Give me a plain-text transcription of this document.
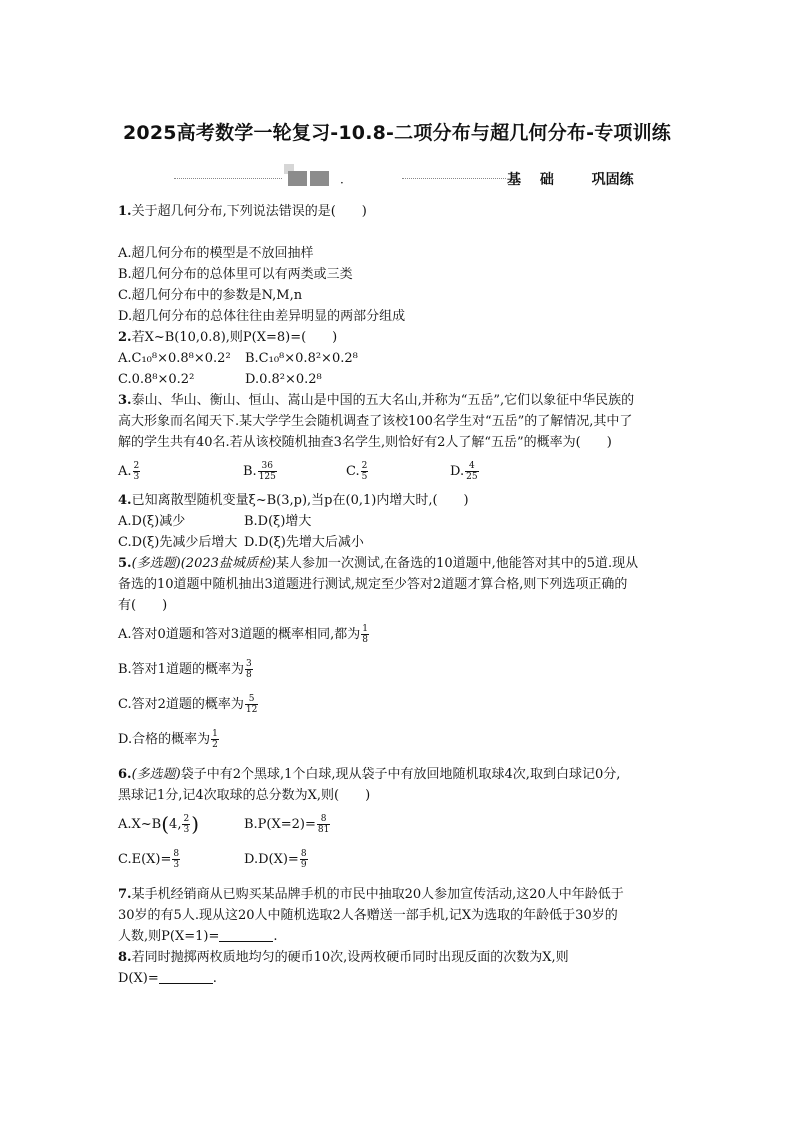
2025高考数学一轮复习-10.8-二项分布与超几何分布-专项训练
·	基 础  巩固练
1.关于超几何分布,下列说法错误的是(　　)
A.超几何分布的模型是不放回抽样
B.超几何分布的总体里可以有两类或三类
C.超几何分布中的参数是N,M,n
D.超几何分布的总体往往由差异明显的两部分组成
2.若X~B(10,0.8),则P(X=8)=(　　)
A.C₁₀⁸×0.8⁸×0.2² B.C₁₀⁸×0.8²×0.2⁸
C.0.8⁸×0.2²	D.0.8²×0.2⁸
3.泰山、华山、衡山、恒山、嵩山是中国的五大名山,并称为“五岳”,它们以象征中华民族的
高大形象而名闻天下.某大学学生会随机调查了该校100名学生对“五岳”的了解情况,其中了
解的学生共有40名.若从该校随机抽查3名学生,则恰好有2人了解“五岳”的概率为(　　)
A. $\frac{2}{3}$	B. $\frac{36}{125}$	C. $\frac{2}{5}$	D. $\frac{4}{25}$
4.已知离散型随机变量ξ~B(3,p),当p在(0,1)内增大时,(　　)
A.D(ξ)减少	B.D(ξ)增大
C.D(ξ)先减少后增大 D.D(ξ)先增大后减小
5.(多选题)(2023盐城质检)某人参加一次测试,在备选的10道题中,他能答对其中的5道.现从
备选的10道题中随机抽出3道题进行测试,规定至少答对2道题才算合格,则下列选项正确的
有(　　)
A.答对0道题和答对3道题的概率相同,都为 $\frac{1}{8}$
B.答对1道题的概率为 $\frac{3}{8}$
C.答对2道题的概率为 $\frac{5}{12}$
D.合格的概率为 $\frac{1}{2}$
6.(多选题)袋子中有2个黑球,1个白球,现从袋子中有放回地随机取球4次,取到白球记0分,
黑球记1分,记4次取球的总分数为X,则(　　)
A.X~B(4, $\frac{2}{3}$ )	$B.P(X=2)= \frac{8}{81}$
$C.E(X)= \frac{8}{3}$	$D.D(X)= \frac{8}{9}$
7.某手机经销商从已购买某品牌手机的市民中抽取20人参加宣传活动,这20人中年龄低于
30岁的有5人.现从这20人中随机选取2人各赠送一部手机,记X为选取的年龄低于30岁的
人数,则P(X=1)=	.
8.若同时抛掷两枚质地均匀的硬币10次,设两枚硬币同时出现反面的次数为X,则
D(X)=	.
